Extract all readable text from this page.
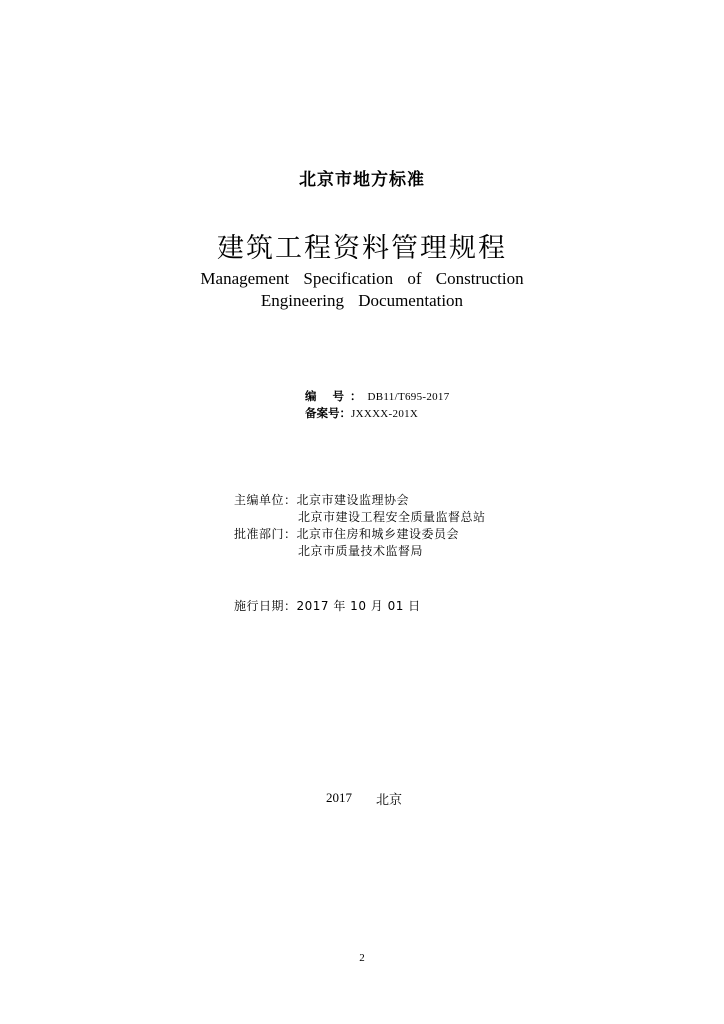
北京市地方标准
建筑工程资料管理规程
Management Specification of Construction
Engineering Documentation
编 号：DB11/T695-2017
备案号：JXXXX-201X
主编单位：北京市建设监理协会
北京市建设工程安全质量监督总站
批准部门：北京市住房和城乡建设委员会
北京市质量技术监督局
施行日期：2017 年 10 月 01 日
2017 北京
2
